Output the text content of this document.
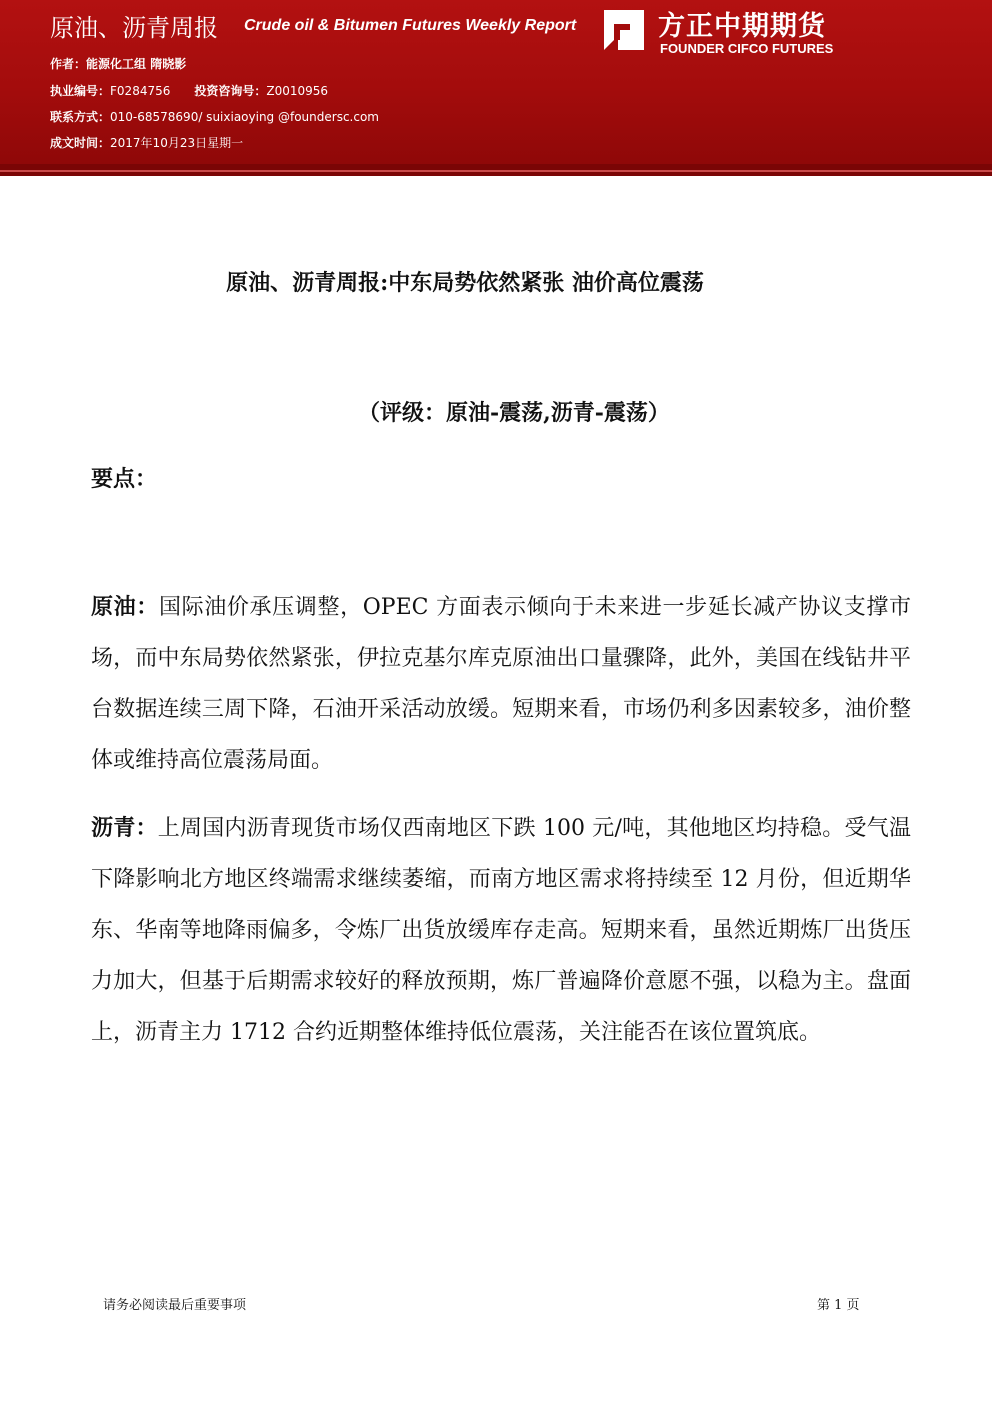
原油、沥青周报 Crude oil & Bitumen Futures Weekly Report
作者：能源化工组 隋晓影
执业编号：F0284756 投资咨询号：Z0010956
联系方式：010-68578690/ suixiaoying @foundersc.com
成文时间：2017年10月23日星期一
方正中期期货
FOUNDER CIFCO FUTURES
原油、沥青周报:中东局势依然紧张 油价高位震荡
（评级：原油-震荡,沥青-震荡）
要点：

原油：国际油价承压调整，OPEC 方面表示倾向于未来进一步延长减产协议支撑市场，而中东局势依然紧张，伊拉克基尔库克原油出口量骤降，此外，美国在线钻井平台数据连续三周下降，石油开采活动放缓。短期来看，市场仍利多因素较多，油价整体或维持高位震荡局面。

沥青：上周国内沥青现货市场仅西南地区下跌 100 元/吨，其他地区均持稳。受气温下降影响北方地区终端需求继续萎缩，而南方地区需求将持续至 12 月份，但近期华东、华南等地降雨偏多，令炼厂出货放缓库存走高。短期来看，虽然近期炼厂出货压力加大，但基于后期需求较好的释放预期，炼厂普遍降价意愿不强，以稳为主。盘面上，沥青主力 1712 合约近期整体维持低位震荡，关注能否在该位置筑底。

请务必阅读最后重要事项	第 1 页
